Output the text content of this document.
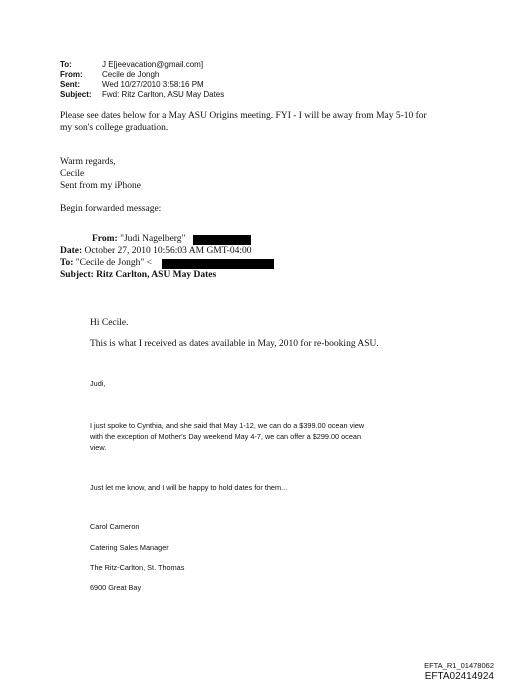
To:	J E[jeevacation@gmail.com]
From: Cecile de Jongh
Sent:	Wed 10/27/2010 3:58:16 PM
Subject: Fwd: Ritz Carlton, ASU May Dates
Please see dates below for a May ASU Origins meeting. FYI - I will be away from May 5-10 for
my son's college graduation.
Warm regards,
Cecile
Sent from my iPhone
Begin forwarded message:
From: "Judi Nagelberg"
Date: October 27, 2010 10:56:03 AM GMT-04:00
To: "Cecile de Jongh" <
Subject: Ritz Carlton, ASU May Dates
Hi Cecile.
This is what I received as dates available in May, 2010 for re-booking ASU.
Judi,
I just spoke to Cynthia, and she said that May 1-12, we can do a $399.00 ocean view
with the exception of Mother's Day weekend May 4-7, we can offer a $299.00 ocean
view.
Just let me know, and I will be happy to hold dates for them...
Carol Cameron
Catering Sales Manager
The Ritz-Carlton, St. Thomas
6900 Great Bay
EFTA_R1_01478062
EFTA02414924
